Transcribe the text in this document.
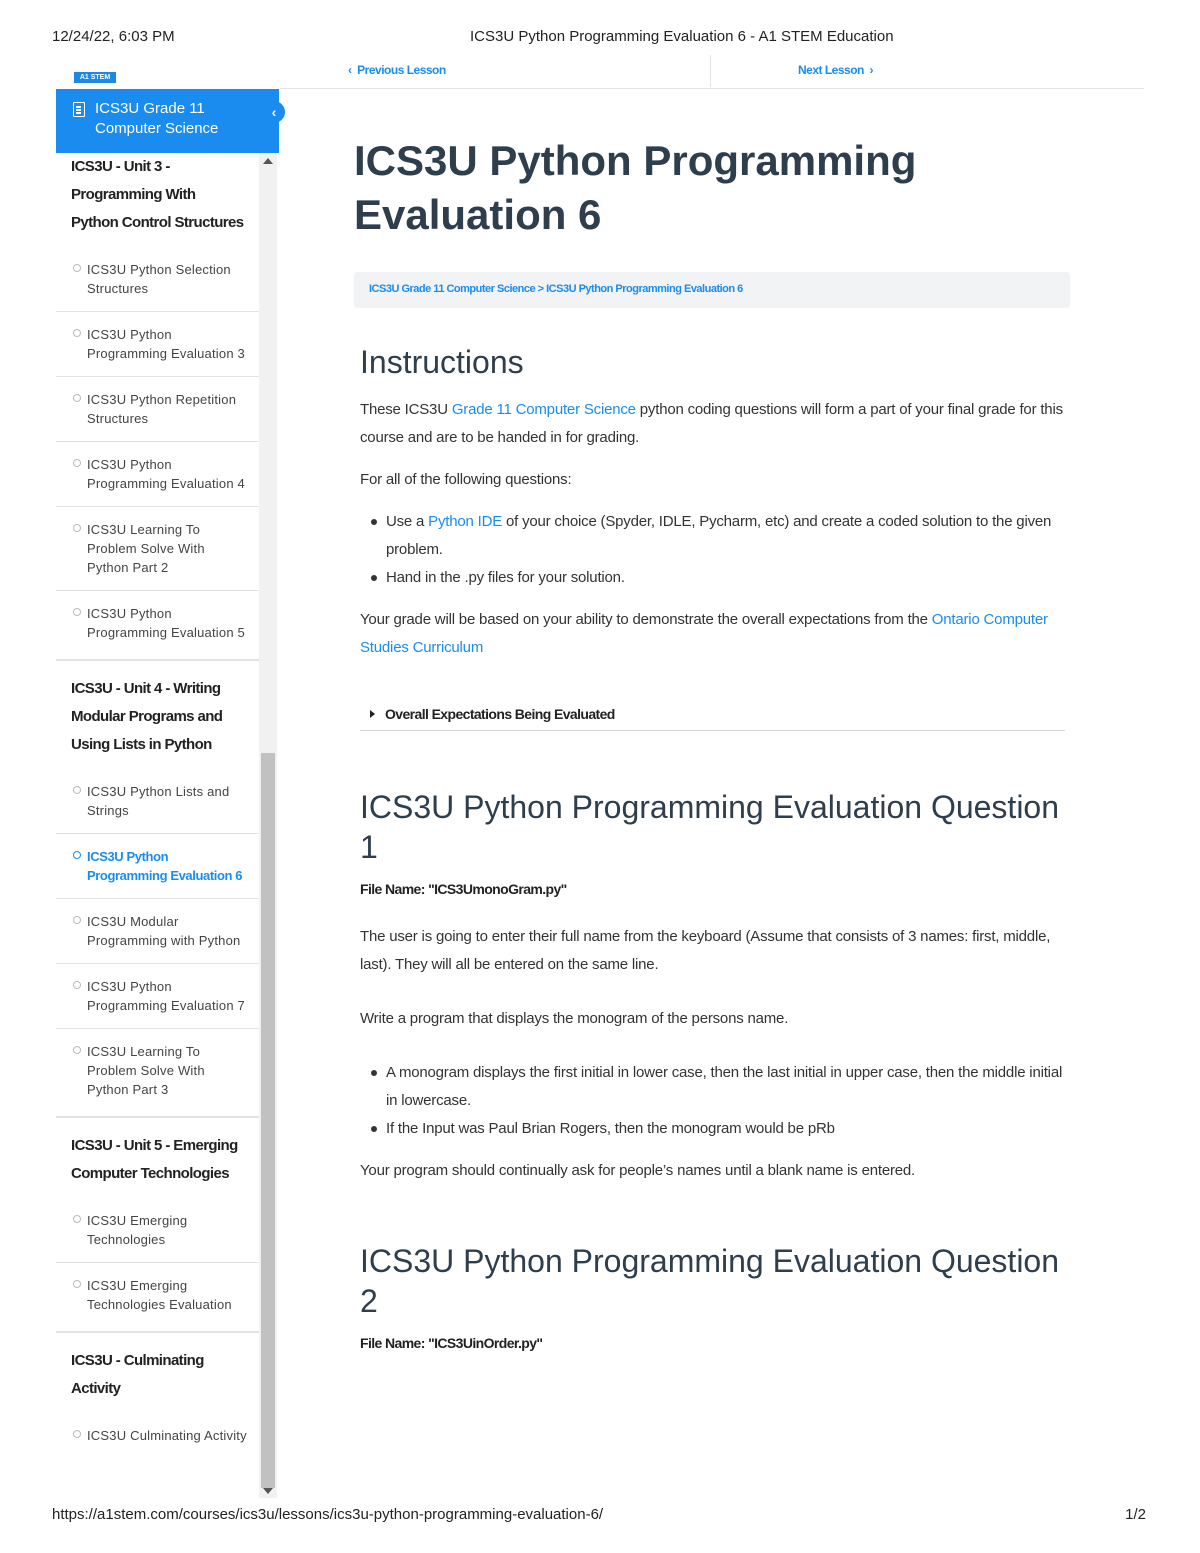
12/24/22, 6:03 PM	ICS3U Python Programming Evaluation 6 - A1 STEM Education
A1 STEM
ICS3U Grade 11 Computer Science
‹
ICS3U - Unit 3 - Programming With Python Control Structures
ICS3U Python Selection Structures
ICS3U Python Programming Evaluation 3
ICS3U Python Repetition Structures
ICS3U Python Programming Evaluation 4
ICS3U Learning To Problem Solve With Python Part 2
ICS3U Python Programming Evaluation 5
ICS3U - Unit 4 - Writing Modular Programs and Using Lists in Python
ICS3U Python Lists and Strings
ICS3U Python Programming Evaluation 6
ICS3U Modular Programming with Python
ICS3U Python Programming Evaluation 7
ICS3U Learning To Problem Solve With Python Part 3
ICS3U - Unit 5 - Emerging Computer Technologies
ICS3U Emerging Technologies
ICS3U Emerging Technologies Evaluation
ICS3U - Culminating Activity
ICS3U Culminating Activity
‹ Previous Lesson	Next Lesson ›
ICS3U Python Programming Evaluation 6
ICS3U Grade 11 Computer Science > ICS3U Python Programming Evaluation 6
Instructions

These ICS3U Grade 11 Computer Science python coding questions will form a part of your final grade for this course and are to be handed in for grading.

For all of the following questions:

Use a Python IDE of your choice (Spyder, IDLE, Pycharm, etc) and create a coded solution to the given problem.
Hand in the .py files for your solution.

Your grade will be based on your ability to demonstrate the overall expectations from the Ontario Computer Studies Curriculum

Overall Expectations Being Evaluated
ICS3U Python Programming Evaluation Question 1
File Name: "ICS3UmonoGram.py"

The user is going to enter their full name from the keyboard (Assume that consists of 3 names: first, middle, last). They will all be entered on the same line.

Write a program that displays the monogram of the persons name.

A monogram displays the first initial in lower case, then the last initial in upper case, then the middle initial in lowercase.
If the Input was Paul Brian Rogers, then the monogram would be pRb

Your program should continually ask for people’s names until a blank name is entered.

ICS3U Python Programming Evaluation Question 2
File Name: "ICS3UinOrder.py"
https://a1stem.com/courses/ics3u/lessons/ics3u-python-programming-evaluation-6/	1/2
